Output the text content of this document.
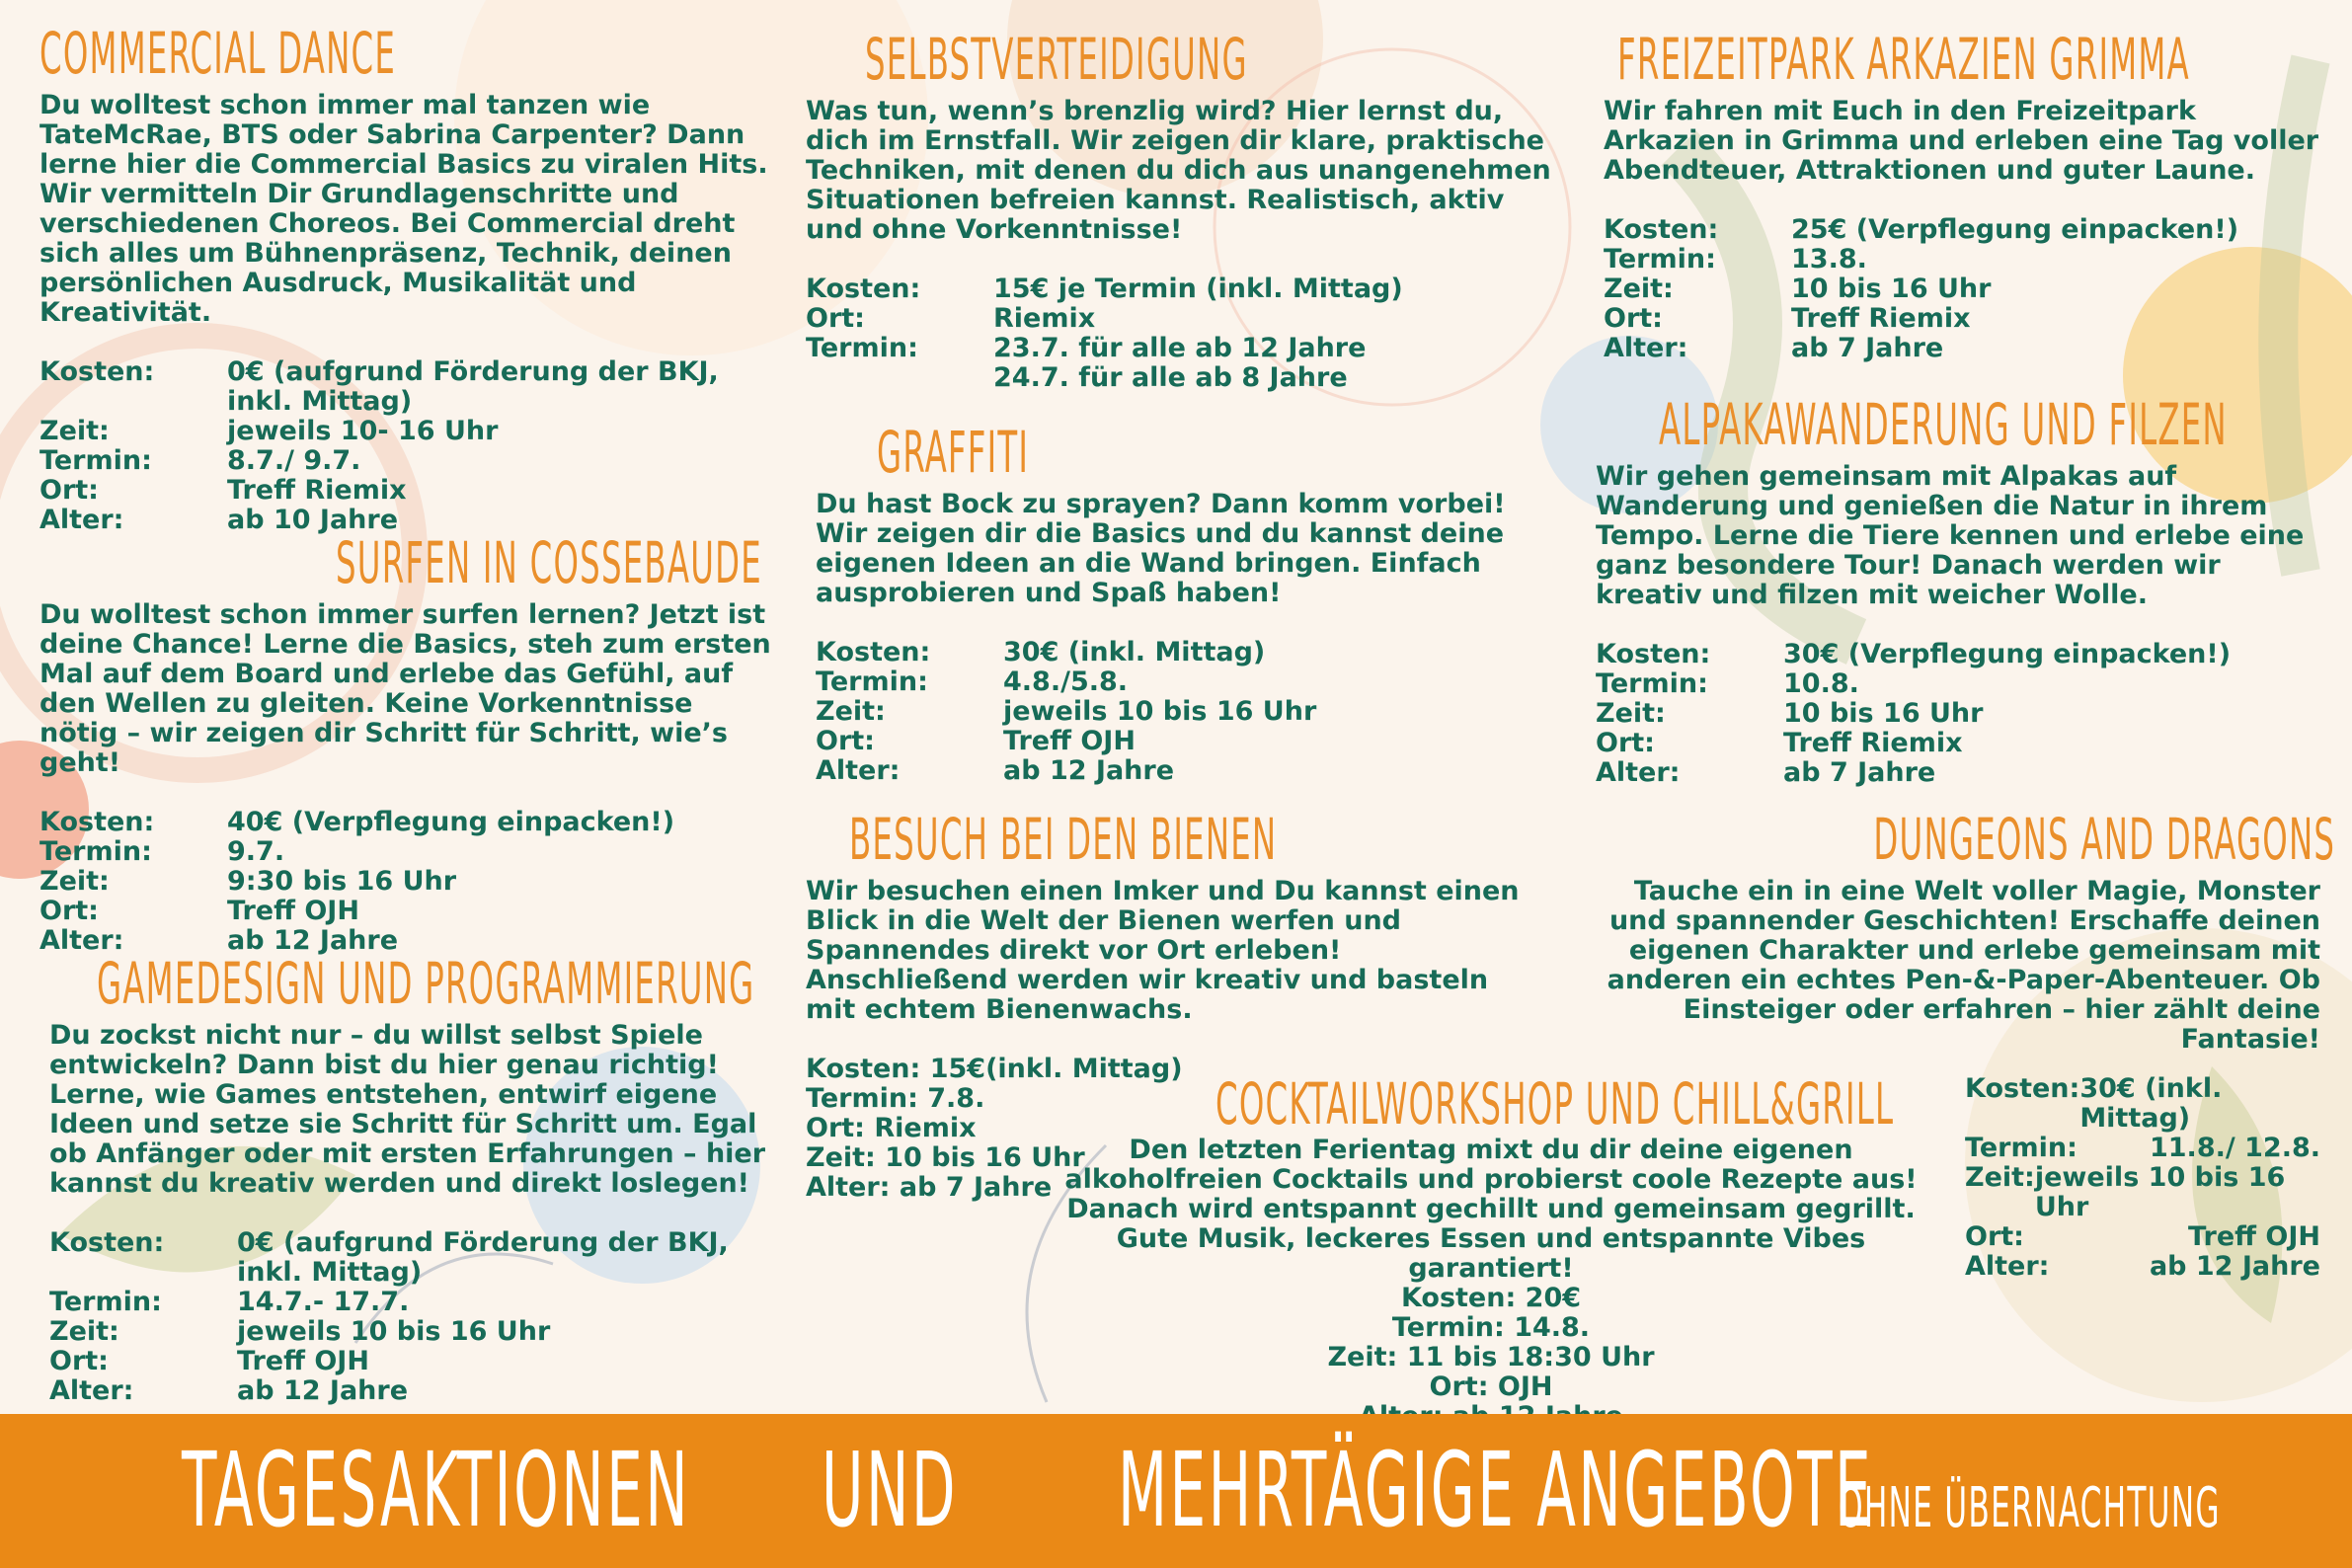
COMMERCIAL DANCE

Du wolltest schon immer mal tanzen wie TateMcRae, BTS oder Sabrina Carpenter? Dann lerne hier die Commercial Basics zu viralen Hits. Wir vermitteln Dir Grundlagenschritte und verschiedenen Choreos. Bei Commercial dreht sich alles um Bühnenpräsenz, Technik, deinen persönlichen Ausdruck, Musikalität und Kreativität.

Kosten:	0€ (aufgrund Förderung der BKJ, inkl. Mittag)
Zeit:	jeweils 10- 16 Uhr
Termin:	8.7./ 9.7.
Ort:	Treff Riemix
Alter:	ab 10 Jahre
SURFEN IN COSSEBAUDE

Du wolltest schon immer surfen lernen? Jetzt ist deine Chance! Lerne die Basics, steh zum ersten Mal auf dem Board und erlebe das Gefühl, auf den Wellen zu gleiten. Keine Vorkenntnisse nötig – wir zeigen dir Schritt für Schritt, wie’s geht!

Kosten:	40€ (Verpflegung einpacken!)
Termin:	9.7.
Zeit:	9:30 bis 16 Uhr
Ort:	Treff OJH
Alter:	ab 12 Jahre
GAMEDESIGN UND PROGRAMMIERUNG

Du zockst nicht nur – du willst selbst Spiele entwickeln? Dann bist du hier genau richtig! Lerne, wie Games entstehen, entwirf eigene Ideen und setze sie Schritt für Schritt um. Egal ob Anfänger oder mit ersten Erfahrungen – hier kannst du kreativ werden und direkt loslegen!

Kosten:	0€ (aufgrund Förderung der BKJ, inkl. Mittag)
Termin:	14.7.- 17.7.
Zeit:	jeweils 10 bis 16 Uhr
Ort:	Treff OJH
Alter:	ab 12 Jahre
SELBSTVERTEIDIGUNG

Was tun, wenn’s brenzlig wird? Hier lernst du, dich im Ernstfall. Wir zeigen dir klare, praktische Techniken, mit denen du dich aus unangenehmen Situationen befreien kannst. Realistisch, aktiv und ohne Vorkenntnisse!

Kosten:	15€ je Termin (inkl. Mittag)
Ort:	Riemix
Termin:	23.7. für alle ab 12 Jahre
	24.7. für alle ab 8 Jahre
GRAFFITI

Du hast Bock zu sprayen? Dann komm vorbei! Wir zeigen dir die Basics und du kannst deine eigenen Ideen an die Wand bringen. Einfach ausprobieren und Spaß haben!

Kosten:	30€ (inkl. Mittag)
Termin:	4.8./5.8.
Zeit:	jeweils 10 bis 16 Uhr
Ort:	Treff OJH
Alter:	ab 12 Jahre
BESUCH BEI DEN BIENEN

Wir besuchen einen Imker und Du kannst einen Blick in die Welt der Bienen werfen und Spannendes direkt vor Ort erleben! Anschließend werden wir kreativ und basteln mit echtem Bienenwachs.

Kosten: 15€(inkl. Mittag)
Termin: 7.8.
Ort: Riemix
Zeit: 10 bis 16 Uhr
Alter: ab 7 Jahre
COCKTAILWORKSHOP UND CHILL&GRILL

Den letzten Ferientag mixt du dir deine eigenen alkoholfreien Cocktails und probierst coole Rezepte aus! Danach wird entspannt gechillt und gemeinsam gegrillt. Gute Musik, leckeres Essen und entspannte Vibes garantiert!

Kosten: 20€
Termin: 14.8.
Zeit: 11 bis 18:30 Uhr
Ort: OJH
FREIZEITPARK ARKAZIEN GRIMMA

Wir fahren mit Euch in den Freizeitpark Arkazien in Grimma und erleben eine Tag voller Abendteuer, Attraktionen und guter Laune.

Kosten:	25€ (Verpflegung einpacken!)
Termin:	13.8.
Zeit:	10 bis 16 Uhr
Ort:	Treff Riemix
Alter:	ab 7 Jahre
ALPAKAWANDERUNG UND FILZEN

Wir gehen gemeinsam mit Alpakas auf Wanderung und genießen die Natur in ihrem Tempo. Lerne die Tiere kennen und erlebe eine ganz besondere Tour! Danach werden wir kreativ und filzen mit weicher Wolle.

Kosten:	30€ (Verpflegung einpacken!)
Termin:	10.8.
Zeit:	10 bis 16 Uhr
Ort:	Treff Riemix
Alter:	ab 7 Jahre
DUNGEONS AND DRAGONS

Tauche ein in eine Welt voller Magie, Monster und spannender Geschichten! Erschaffe deinen eigenen Charakter und erlebe gemeinsam mit anderen ein echtes Pen-&-Paper-Abenteuer. Ob Einsteiger oder erfahren – hier zählt deine Fantasie!

Kosten: 30€ (inkl. Mittag)
Termin:	11.8./ 12.8.
Zeit: jeweils 10 bis 16 Uhr
Ort:	Treff OJH
Alter:	ab 12 Jahre
TAGESAKTIONEN UND MEHRTÄGIGE ANGEBOTE
OHNE ÜBERNACHTUNG
